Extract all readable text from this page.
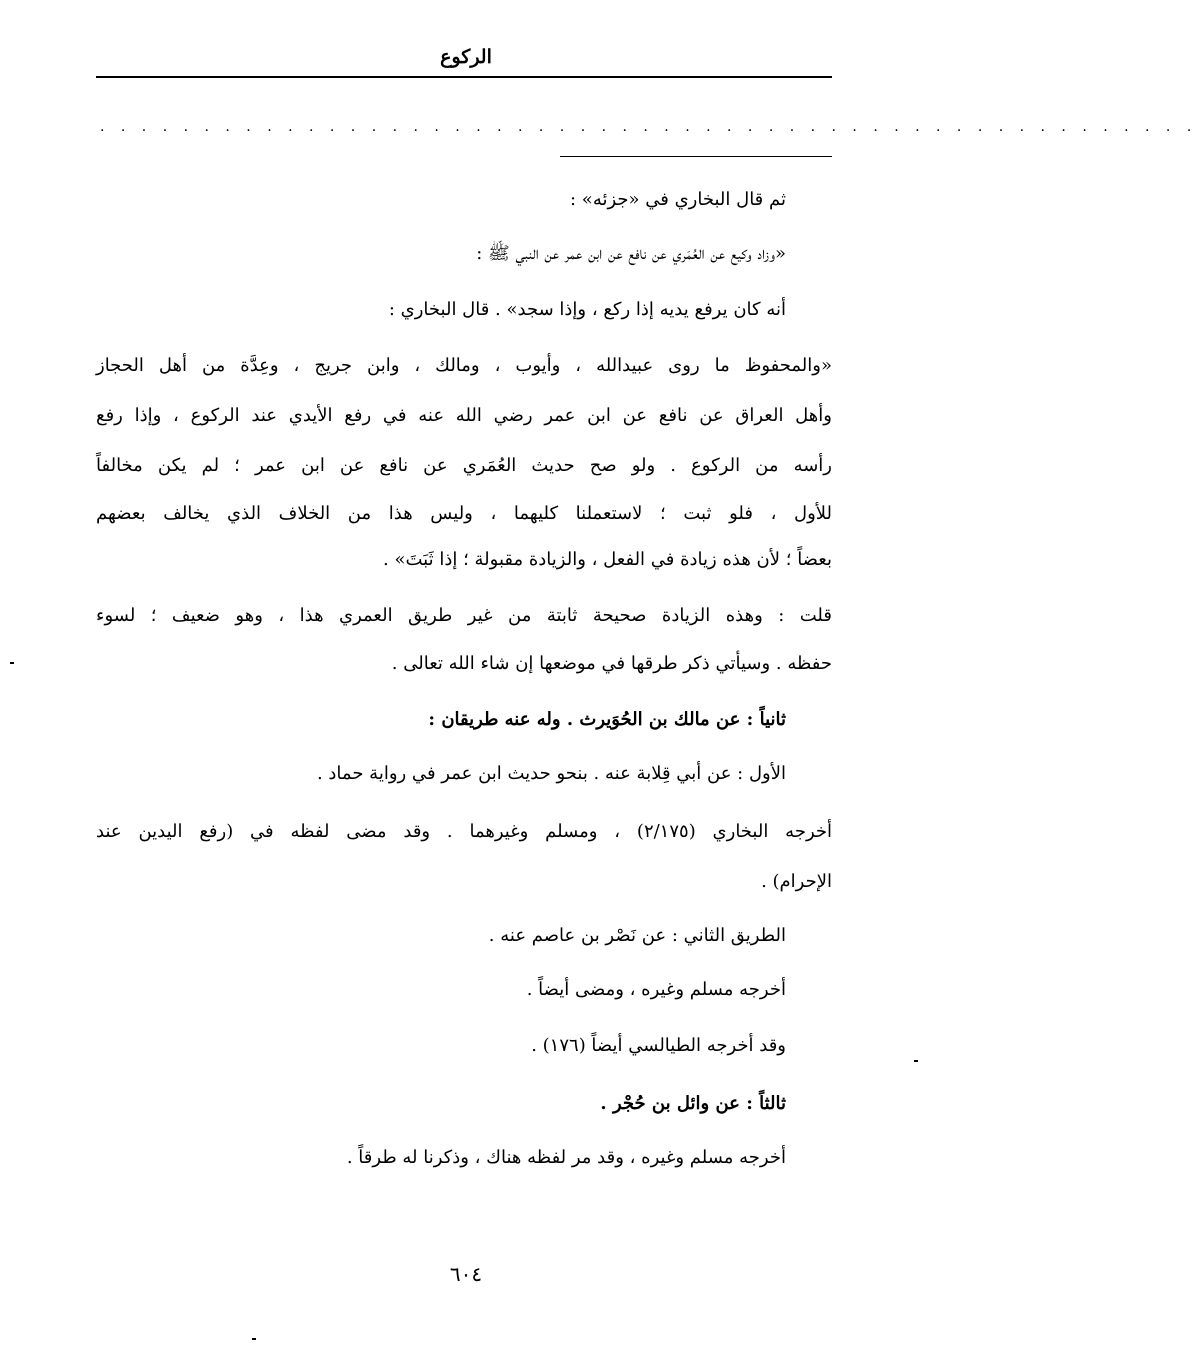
الركوع
. . . . . . . . . . . . . . . . . . . . . . . . . . . . . . . . . . . . . . . . . . . . . . . . . . . . .
ثم قال البخاري في «جزئه» :
«وزاد وكيع عن العُمَري عن نافع عن ابن عمر عن النبي ﷺ :
أنه كان يرفع يديه إذا ركع ، وإذا سجد» . قال البخاري :
«والمحفوظ ما روى عبيدالله ، وأيوب ، ومالك ، وابن جريج ، وعِدَّة من أهل الحجاز
وأهل العراق عن نافع عن ابن عمر رضي الله عنه في رفع الأيدي عند الركوع ، وإذا رفع
رأسه من الركوع . ولو صح حديث العُمَري عن نافع عن ابن عمر ؛ لم يكن مخالفاً
للأول ، فلو ثبت ؛ لاستعملنا كليهما ، وليس هذا من الخلاف الذي يخالف بعضهم
بعضاً ؛ لأن هذه زيادة في الفعل ، والزيادة مقبولة ؛ إذا ثَبَتَ» .
قلت : وهذه الزيادة صحيحة ثابتة من غير طريق العمري هذا ، وهو ضعيف ؛ لسوء
حفظه . وسيأتي ذكر طرقها في موضعها إن شاء الله تعالى .
ثانياً : عن مالك بن الحُوَيرث . وله عنه طريقان :
الأول : عن أبي قِلابة عنه . بنحو حديث ابن عمر في رواية حماد .
أخرجه البخاري (٢/١٧٥) ، ومسلم وغيرهما . وقد مضى لفظه في (رفع اليدين عند
الإحرام) .
الطريق الثاني : عن نَصْر بن عاصم عنه .
أخرجه مسلم وغيره ، ومضى أيضاً .
وقد أخرجه الطيالسي أيضاً (١٧٦) .
ثالثاً : عن وائل بن حُجْر .
أخرجه مسلم وغيره ، وقد مر لفظه هناك ، وذكرنا له طرقاً .
٦٠٤
